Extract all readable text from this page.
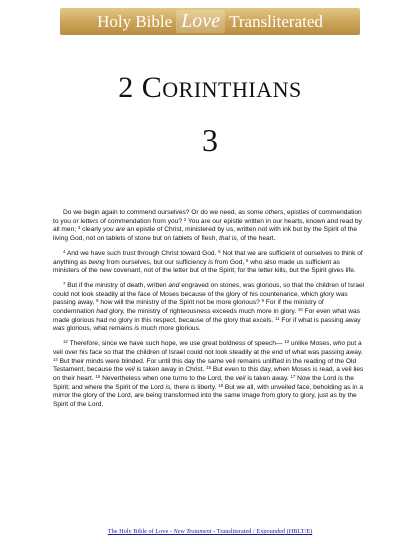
Holy Bible Love Transliterated
2 CORINTHIANS
3

Do we begin again to commend ourselves? Or do we need, as some others, epistles of commendation to you or letters of commendation from you? $^2$ You are our epistle written in our hearts, known and read by all men; $^3$ clearly you are an epistle of Christ, ministered by us, written not with ink but by the Spirit of the living God, not on tablets of stone but on tablets of flesh, that is, of the heart.

$^4$ And we have such trust through Christ toward God. $^5$ Not that we are sufficient of ourselves to think of anything as being from ourselves, but our sufficiency is from God, $^6$ who also made us sufficient as ministers of the new covenant, not of the letter but of the Spirit; for the letter kills, but the Spirit gives life.

$^7$ But if the ministry of death, written and engraved on stones, was glorious, so that the children of Israel could not look steadily at the face of Moses because of the glory of his countenance, which glory was passing away, $^8$ how will the ministry of the Spirit not be more glorious? $^9$ For if the ministry of condemnation had glory, the ministry of righteousness exceeds much more in glory. $^{10}$ For even what was made glorious had no glory in this respect, because of the glory that excels. $^{11}$ For if what is passing away was glorious, what remains is much more glorious.

$^{12}$ Therefore, since we have such hope, we use great boldness of speech— $^{13}$ unlike Moses, who put a veil over his face so that the children of Israel could not look steadily at the end of what was passing away. $^{14}$ But their minds were blinded. For until this day the same veil remains unlifted in the reading of the Old Testament, because the veil is taken away in Christ. $^{15}$ But even to this day, when Moses is read, a veil lies on their heart. $^{16}$ Nevertheless when one turns to the Lord, the veil is taken away. $^{17}$ Now the Lord is the Spirit; and where the Spirit of the Lord is, there is liberty. $^{18}$ But we all, with unveiled face, beholding as in a mirror the glory of the Lord, are being transformed into the same image from glory to glory, just as by the Spirit of the Lord.

The Holy Bible of Love - New Testament - Transliterated / Expounded (HBLT/E)
